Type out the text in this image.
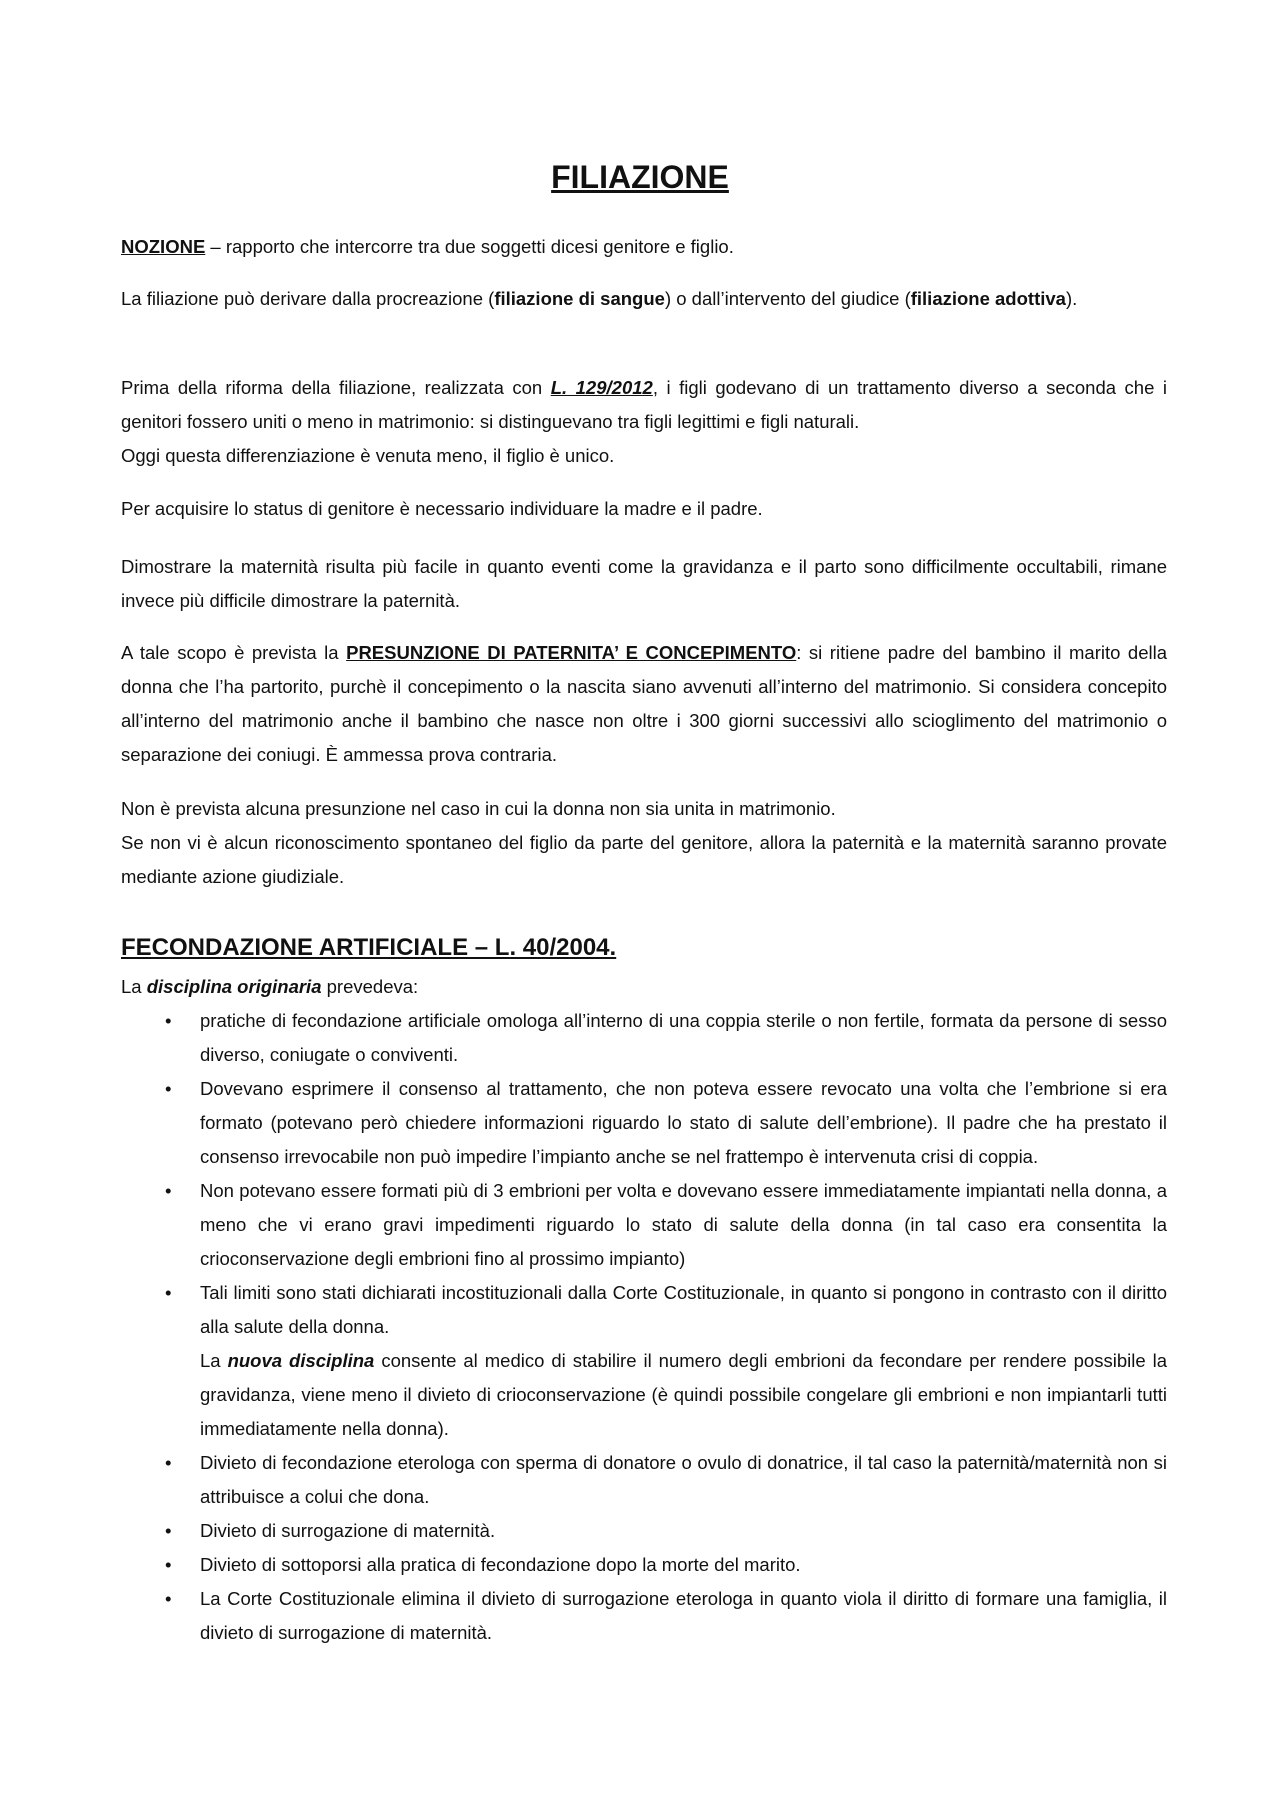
FILIAZIONE

NOZIONE – rapporto che intercorre tra due soggetti dicesi genitore e figlio.

La filiazione può derivare dalla procreazione (filiazione di sangue) o dall’intervento del giudice (filiazione adottiva).

Prima della riforma della filiazione, realizzata con L. 129/2012, i figli godevano di un trattamento diverso a seconda che i genitori fossero uniti o meno in matrimonio: si distinguevano tra figli legittimi e figli naturali.
Oggi questa differenziazione è venuta meno, il figlio è unico.

Per acquisire lo status di genitore è necessario individuare la madre e il padre.

Dimostrare la maternità risulta più facile in quanto eventi come la gravidanza e il parto sono difficilmente occultabili, rimane invece più difficile dimostrare la paternità.

A tale scopo è prevista la PRESUNZIONE DI PATERNITA’ E CONCEPIMENTO: si ritiene padre del bambino il marito della donna che l’ha partorito, purchè il concepimento o la nascita siano avvenuti all’interno del matrimonio. Si considera concepito all’interno del matrimonio anche il bambino che nasce non oltre i 300 giorni successivi allo scioglimento del matrimonio o separazione dei coniugi. È ammessa prova contraria.

Non è prevista alcuna presunzione nel caso in cui la donna non sia unita in matrimonio.
Se non vi è alcun riconoscimento spontaneo del figlio da parte del genitore, allora la paternità e la maternità saranno provate mediante azione giudiziale.

FECONDAZIONE ARTIFICIALE – L. 40/2004.

La disciplina originaria prevedeva:

• pratiche di fecondazione artificiale omologa all’interno di una coppia sterile o non fertile, formata da persone di sesso diverso, coniugate o conviventi.
• Dovevano esprimere il consenso al trattamento, che non poteva essere revocato una volta che l’embrione si era formato (potevano però chiedere informazioni riguardo lo stato di salute dell’embrione). Il padre che ha prestato il consenso irrevocabile non può impedire l’impianto anche se nel frattempo è intervenuta crisi di coppia.
• Non potevano essere formati più di 3 embrioni per volta e dovevano essere immediatamente impiantati nella donna, a meno che vi erano gravi impedimenti riguardo lo stato di salute della donna (in tal caso era consentita la crioconservazione degli embrioni fino al prossimo impianto)
• Tali limiti sono stati dichiarati incostituzionali dalla Corte Costituzionale, in quanto si pongono in contrasto con il diritto alla salute della donna.
La nuova disciplina consente al medico di stabilire il numero degli embrioni da fecondare per rendere possibile la gravidanza, viene meno il divieto di crioconservazione (è quindi possibile congelare gli embrioni e non impiantarli tutti immediatamente nella donna).
• Divieto di fecondazione eterologa con sperma di donatore o ovulo di donatrice, il tal caso la paternità/maternità non si attribuisce a colui che dona.
• Divieto di surrogazione di maternità.
• Divieto di sottoporsi alla pratica di fecondazione dopo la morte del marito.
• La Corte Costituzionale elimina il divieto di surrogazione eterologa in quanto viola il diritto di formare una famiglia, il divieto di surrogazione di maternità.
